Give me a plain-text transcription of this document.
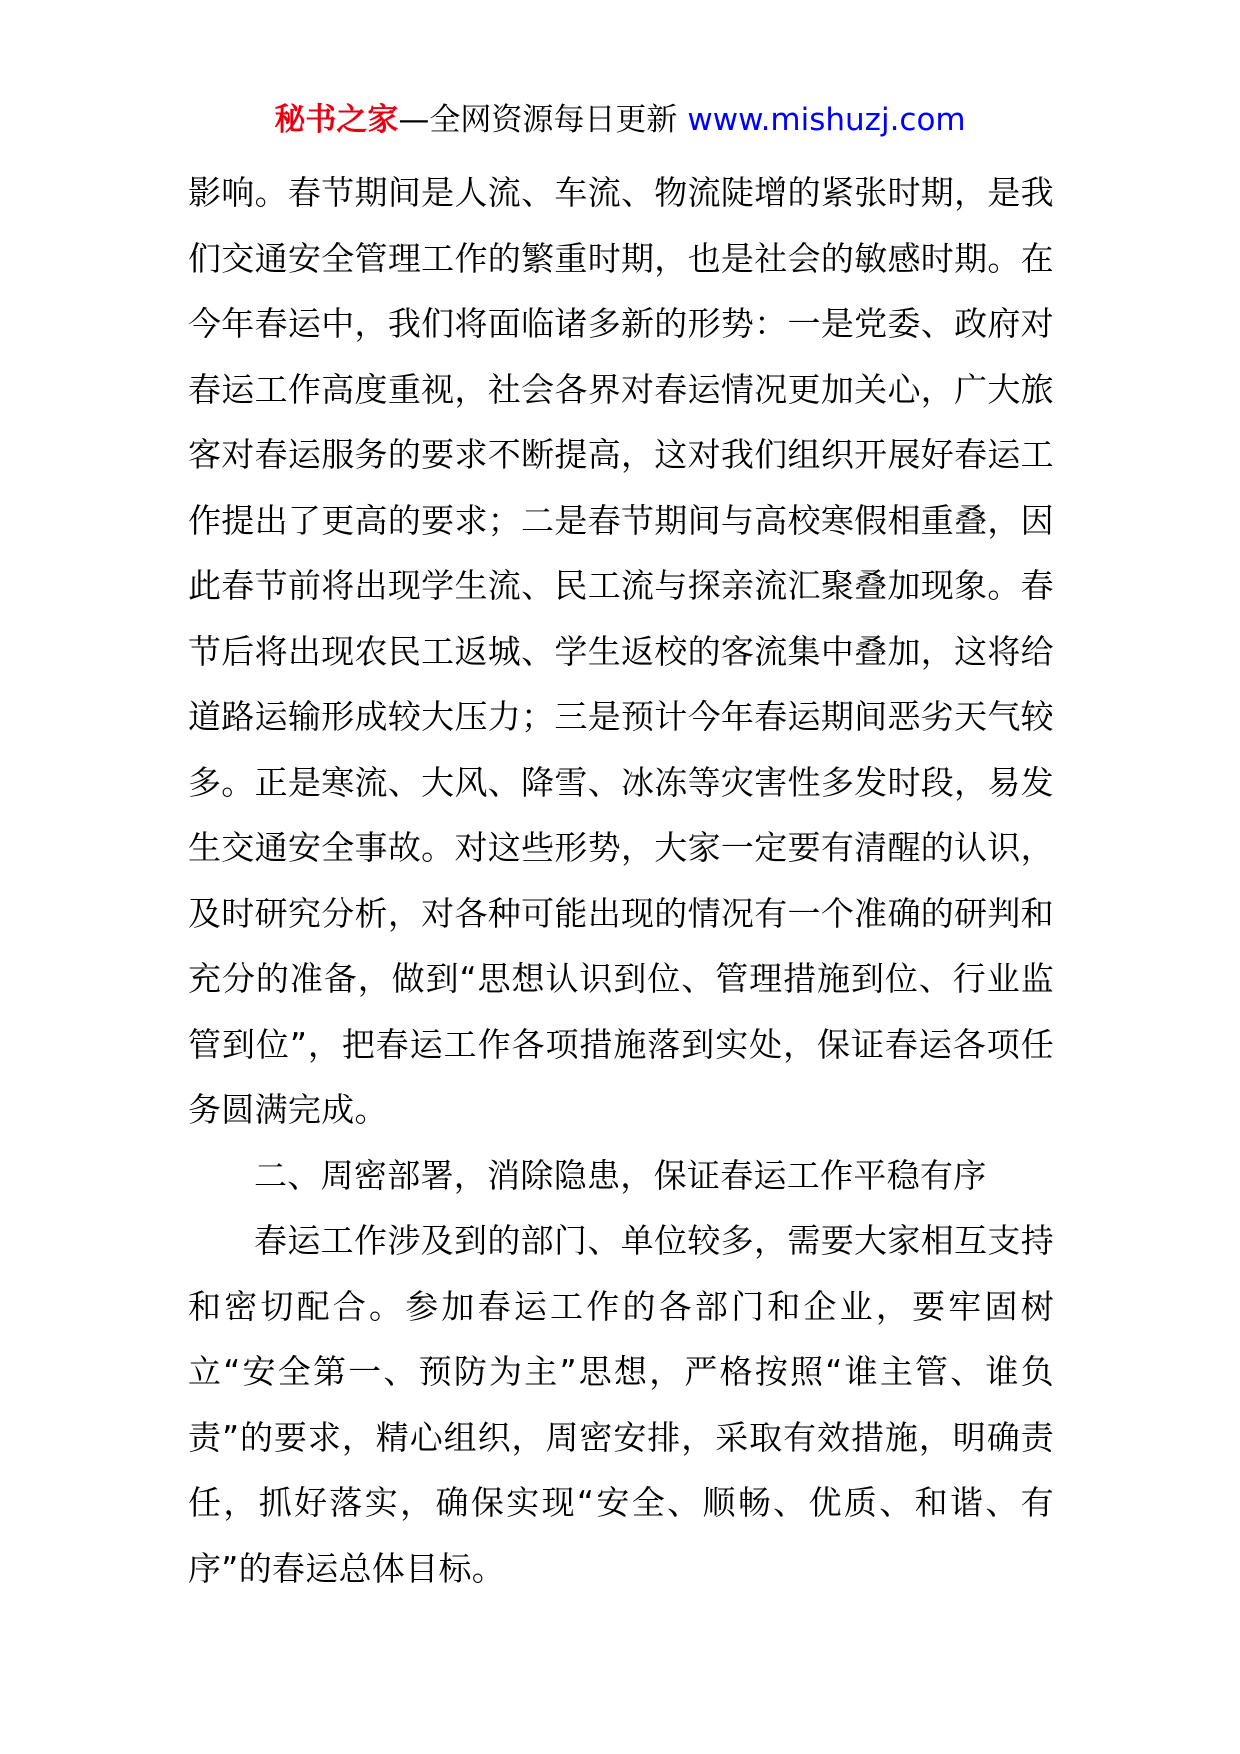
秘书之家—全网资源每日更新 www.mishuzj.com

影响。春节期间是人流、车流、物流陡增的紧张时期，是我们交通安全管理工作的繁重时期，也是社会的敏感时期。在今年春运中，我们将面临诸多新的形势：一是党委、政府对春运工作高度重视，社会各界对春运情况更加关心，广大旅客对春运服务的要求不断提高，这对我们组织开展好春运工作提出了更高的要求；二是春节期间与高校寒假相重叠，因此春节前将出现学生流、民工流与探亲流汇聚叠加现象。春节后将出现农民工返城、学生返校的客流集中叠加，这将给道路运输形成较大压力；三是预计今年春运期间恶劣天气较多。正是寒流、大风、降雪、冰冻等灾害性多发时段，易发生交通安全事故。对这些形势，大家一定要有清醒的认识，及时研究分析，对各种可能出现的情况有一个准确的研判和充分的准备，做到“思想认识到位、管理措施到位、行业监管到位”，把春运工作各项措施落到实处，保证春运各项任务圆满完成。

二、周密部署，消除隐患，保证春运工作平稳有序

春运工作涉及到的部门、单位较多，需要大家相互支持和密切配合。参加春运工作的各部门和企业，要牢固树立“安全第一、预防为主”思想，严格按照“谁主管、谁负责”的要求，精心组织，周密安排，采取有效措施，明确责任，抓好落实，确保实现“安全、顺畅、优质、和谐、有序”的春运总体目标。
